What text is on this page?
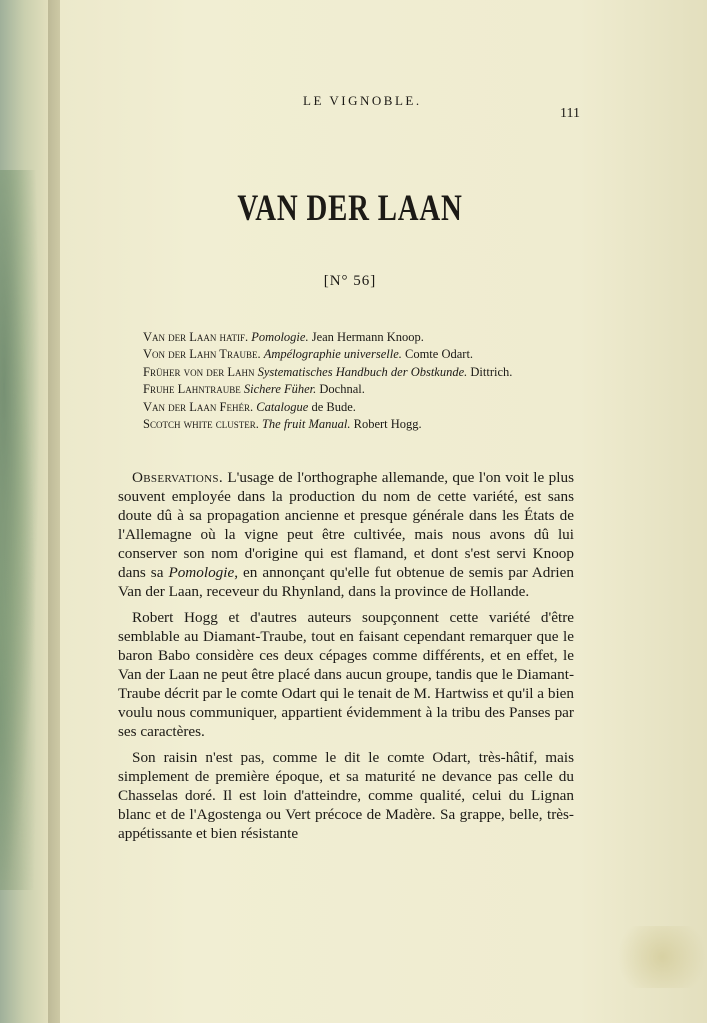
LE VIGNOBLE.
111
VAN DER LAAN
[N° 56]
Van der Laan hatif. Pomologie. Jean Hermann Knoop.
Von der Lahn Traube. Ampélographie universelle. Comte Odart.
Früher von der Lahn Systematisches Handbuch der Obstkunde. Dittrich.
Fruhe Lahntraube Sichere Füher. Dochnal.
Van der Laan Fehér. Catalogue de Bude.
Scotch white cluster. The fruit Manual. Robert Hogg.

Observations. L'usage de l'orthographe allemande, que l'on voit le plus souvent employée dans la production du nom de cette variété, est sans doute dû à sa propagation ancienne et presque générale dans les États de l'Allemagne où la vigne peut être cultivée, mais nous avons dû lui conserver son nom d'origine qui est flamand, et dont s'est servi Knoop dans sa Pomologie, en annonçant qu'elle fut obtenue de semis par Adrien Van der Laan, receveur du Rhynland, dans la province de Hollande.

Robert Hogg et d'autres auteurs soupçonnent cette variété d'être semblable au Diamant-Traube, tout en faisant cependant remarquer que le baron Babo considère ces deux cépages comme différents, et en effet, le Van der Laan ne peut être placé dans aucun groupe, tandis que le Diamant-Traube décrit par le comte Odart qui le tenait de M. Hartwiss et qu'il a bien voulu nous communiquer, appartient évidemment à la tribu des Panses par ses caractères.

Son raisin n'est pas, comme le dit le comte Odart, très-hâtif, mais simplement de première époque, et sa maturité ne devance pas celle du Chasselas doré. Il est loin d'atteindre, comme qualité, celui du Lignan blanc et de l'Agostenga ou Vert précoce de Madère. Sa grappe, belle, très-appétissante et bien résistante
